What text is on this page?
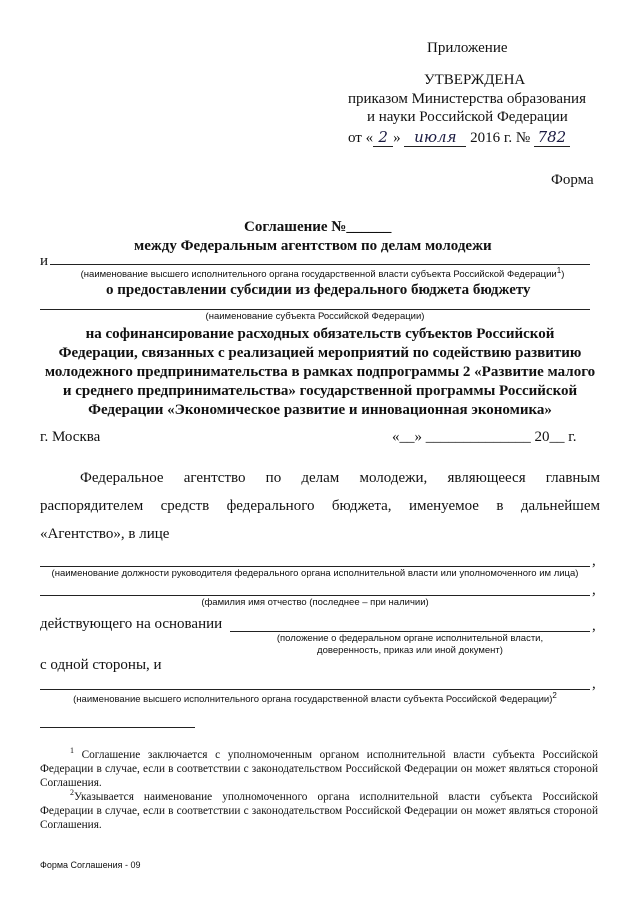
Приложение
УТВЕРЖДЕНА
приказом Министерства образования
и науки Российской Федерации
от « 2 » июля 2016 г. № 782
Форма
Соглашение №______
между Федеральным агентством по делам молодежи
и
(наименование высшего исполнительного органа государственной власти субъекта Российской Федерации$^1$)
о предоставлении субсидии из федерального бюджета бюджету
(наименование субъекта Российской Федерации)
на софинансирование расходных обязательств субъектов Российской
Федерации, связанных с реализацией мероприятий по содействию развитию
молодежного предпринимательства в рамках подпрограммы 2 «Развитие малого
и среднего предпринимательства» государственной программы Российской
Федерации «Экономическое развитие и инновационная экономика»
г. Москва	«__» ______________ 20__ г.
Федеральное агентство по делам молодежи, являющееся главным
распорядителем средств федерального бюджета, именуемое в дальнейшем
«Агентство», в лице
,
(наименование должности руководителя федерального органа исполнительной власти или уполномоченного им лица)
,
(фамилия имя отчество (последнее – при наличии)
действующего на основании	,
(положение о федеральном органе исполнительной власти,
доверенность, приказ или иной документ)
с одной стороны, и
,
(наименование высшего исполнительного органа государственной власти субъекта Российской Федерации)$^2$
$^1$ Соглашение заключается с уполномоченным органом исполнительной власти субъекта Российской Федерации в случае, если в соответствии с законодательством Российской Федерации он может являться стороной Соглашения.
$^2$Указывается наименование уполномоченного органа исполнительной власти субъекта Российской Федерации в случае, если в соответствии с законодательством Российской Федерации он может являться стороной Соглашения.
Форма Соглашения - 09
